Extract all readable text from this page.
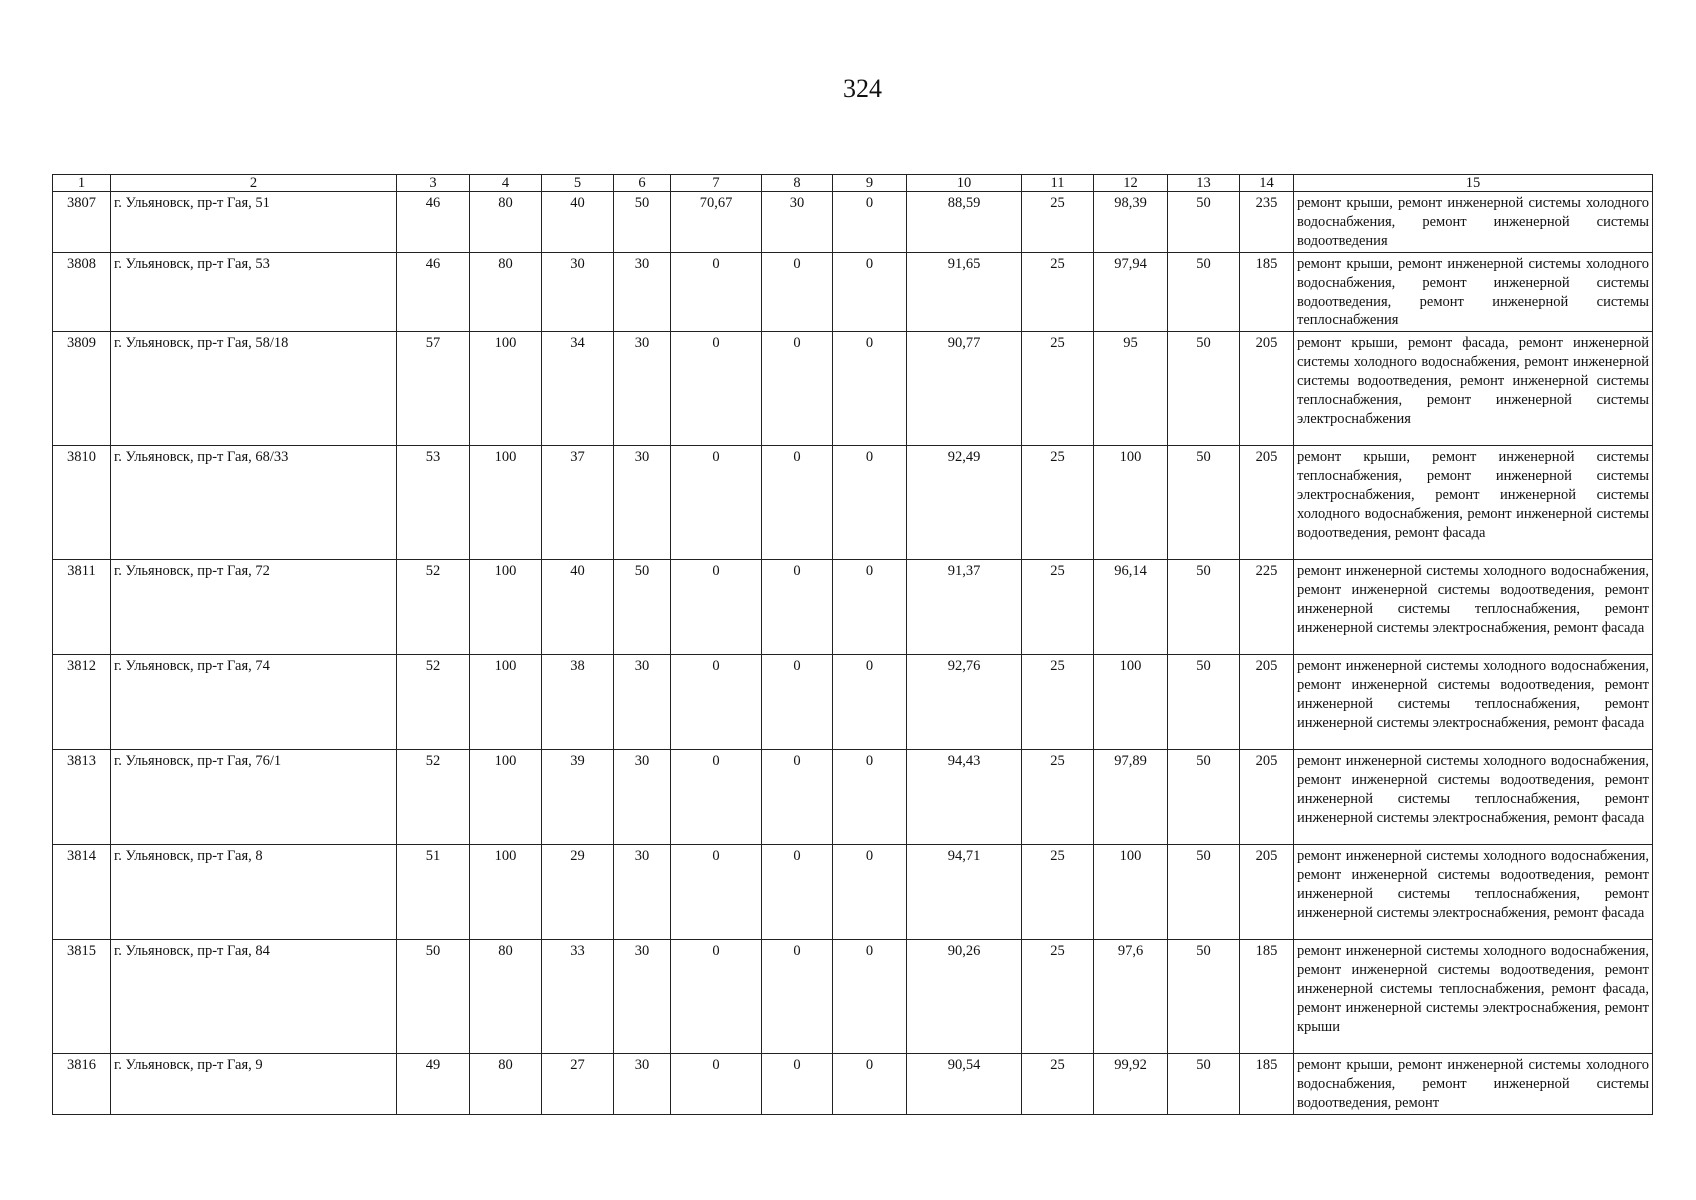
324
1	2	3	4	5	6	7	8	9	10	11	12	13	14	15
3807	г. Ульяновск, пр-т Гая, 51	46	80	40	50	70,67	30	0	88,59	25	98,39	50	235	ремонт крыши, ремонт инженерной системы холодного водоснабжения, ремонт инженерной системы водоотведения
3808	г. Ульяновск, пр-т Гая, 53	46	80	30	30	0	0	0	91,65	25	97,94	50	185	ремонт крыши, ремонт инженерной системы холодного водоснабжения, ремонт инженерной системы водоотведения, ремонт инженерной системы теплоснабжения
3809	г. Ульяновск, пр-т Гая, 58/18	57	100	34	30	0	0	0	90,77	25	95	50	205	ремонт крыши, ремонт фасада, ремонт инженерной системы холодного водоснабжения, ремонт инженерной системы водоотведения, ремонт инженерной системы теплоснабжения, ремонт инженерной системы электроснабжения
3810	г. Ульяновск, пр-т Гая, 68/33	53	100	37	30	0	0	0	92,49	25	100	50	205	ремонт крыши, ремонт инженерной системы теплоснабжения, ремонт инженерной системы электроснабжения, ремонт инженерной системы холодного водоснабжения, ремонт инженерной системы водоотведения, ремонт фасада
3811	г. Ульяновск, пр-т Гая, 72	52	100	40	50	0	0	0	91,37	25	96,14	50	225	ремонт инженерной системы холодного водоснабжения, ремонт инженерной системы водоотведения, ремонт инженерной системы теплоснабжения, ремонт инженерной системы электроснабжения, ремонт фасада
3812	г. Ульяновск, пр-т Гая, 74	52	100	38	30	0	0	0	92,76	25	100	50	205	ремонт инженерной системы холодного водоснабжения, ремонт инженерной системы водоотведения, ремонт инженерной системы теплоснабжения, ремонт инженерной системы электроснабжения, ремонт фасада
3813	г. Ульяновск, пр-т Гая, 76/1	52	100	39	30	0	0	0	94,43	25	97,89	50	205	ремонт инженерной системы холодного водоснабжения, ремонт инженерной системы водоотведения, ремонт инженерной системы теплоснабжения, ремонт инженерной системы электроснабжения, ремонт фасада
3814	г. Ульяновск, пр-т Гая, 8	51	100	29	30	0	0	0	94,71	25	100	50	205	ремонт инженерной системы холодного водоснабжения, ремонт инженерной системы водоотведения, ремонт инженерной системы теплоснабжения, ремонт инженерной системы электроснабжения, ремонт фасада
3815	г. Ульяновск, пр-т Гая, 84	50	80	33	30	0	0	0	90,26	25	97,6	50	185	ремонт инженерной системы холодного водоснабжения, ремонт инженерной системы водоотведения, ремонт инженерной системы теплоснабжения, ремонт фасада, ремонт инженерной системы электроснабжения, ремонт крыши
3816	г. Ульяновск, пр-т Гая, 9	49	80	27	30	0	0	0	90,54	25	99,92	50	185	ремонт крыши, ремонт инженерной системы холодного водоснабжения, ремонт инженерной системы водоотведения, ремонт
